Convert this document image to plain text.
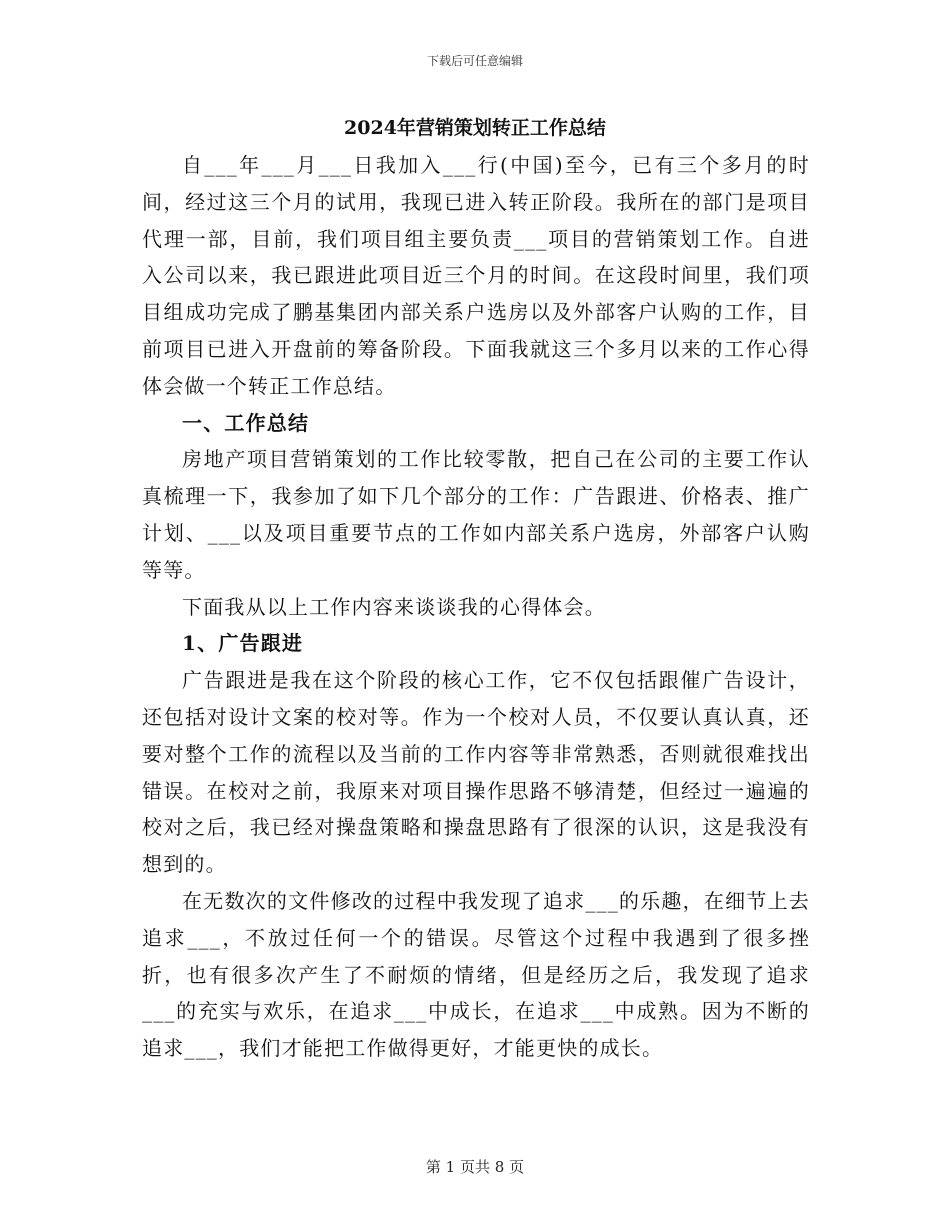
下载后可任意编辑
2024年营销策划转正工作总结

自___年___月___日我加入___行(中国)至今，已有三个多月的时间，经过这三个月的试用，我现已进入转正阶段。我所在的部门是项目代理一部，目前，我们项目组主要负责___项目的营销策划工作。自进入公司以来，我已跟进此项目近三个月的时间。在这段时间里，我们项目组成功完成了鹏基集团内部关系户选房以及外部客户认购的工作，目前项目已进入开盘前的筹备阶段。下面我就这三个多月以来的工作心得体会做一个转正工作总结。

一、工作总结

房地产项目营销策划的工作比较零散，把自己在公司的主要工作认真梳理一下，我参加了如下几个部分的工作：广告跟进、价格表、推广计划、___以及项目重要节点的工作如内部关系户选房，外部客户认购等等。

下面我从以上工作内容来谈谈我的心得体会。

1、广告跟进

广告跟进是我在这个阶段的核心工作，它不仅包括跟催广告设计，还包括对设计文案的校对等。作为一个校对人员，不仅要认真认真，还要对整个工作的流程以及当前的工作内容等非常熟悉，否则就很难找出错误。在校对之前，我原来对项目操作思路不够清楚，但经过一遍遍的校对之后，我已经对操盘策略和操盘思路有了很深的认识，这是我没有想到的。

在无数次的文件修改的过程中我发现了追求___的乐趣，在细节上去追求___，不放过任何一个的错误。尽管这个过程中我遇到了很多挫折，也有很多次产生了不耐烦的情绪，但是经历之后，我发现了追求___的充实与欢乐，在追求___中成长，在追求___中成熟。因为不断的追求___，我们才能把工作做得更好，才能更快的成长。

第 1 页共 8 页
